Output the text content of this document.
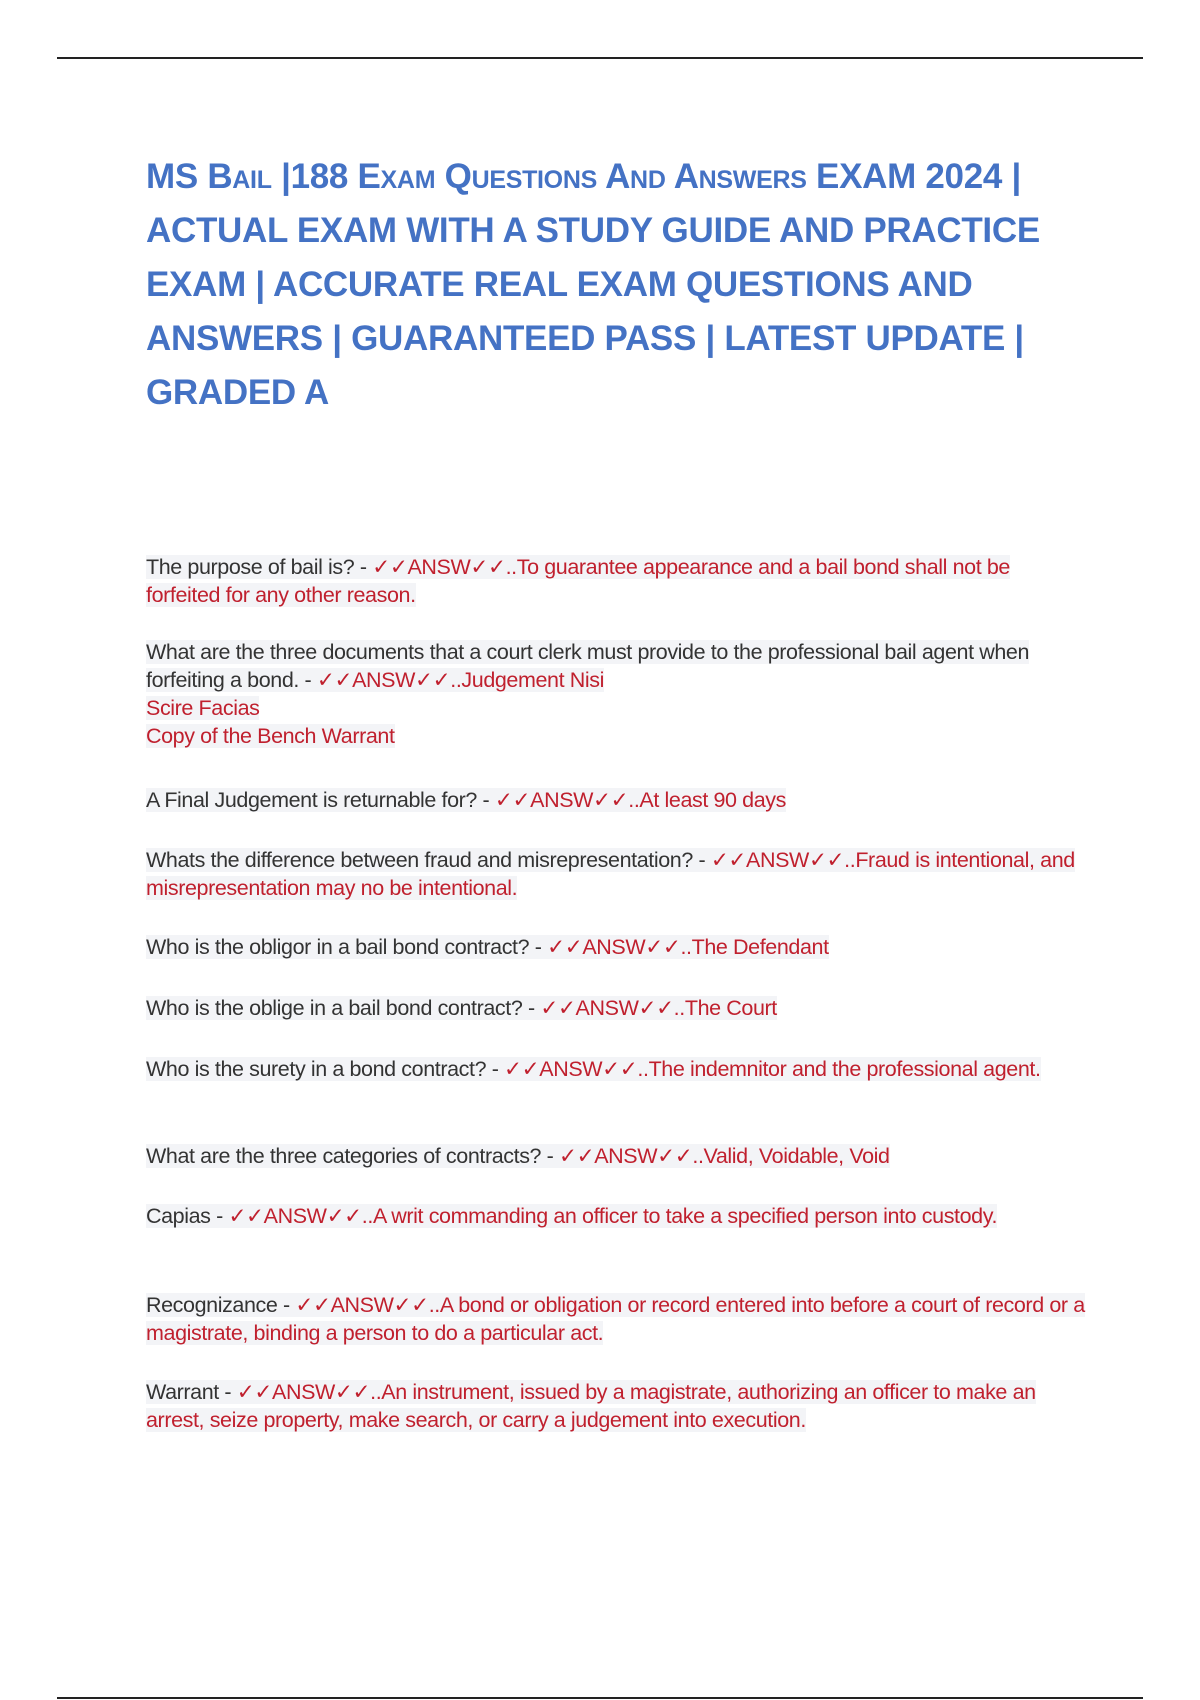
MS Bail |188 Exam Questions And Answers EXAM 2024 | ACTUAL EXAM WITH A STUDY GUIDE AND PRACTICE EXAM | ACCURATE REAL EXAM QUESTIONS AND ANSWERS | GUARANTEED PASS | LATEST UPDATE | GRADED A

The purpose of bail is? - ✓✓ANSW✓✓..To guarantee appearance and a bail bond shall not be forfeited for any other reason.

What are the three documents that a court clerk must provide to the professional bail agent when forfeiting a bond. - ✓✓ANSW✓✓..Judgement Nisi
Scire Facias
Copy of the Bench Warrant

A Final Judgement is returnable for? - ✓✓ANSW✓✓..At least 90 days

Whats the difference between fraud and misrepresentation? - ✓✓ANSW✓✓..Fraud is intentional, and misrepresentation may no be intentional.

Who is the obligor in a bail bond contract? - ✓✓ANSW✓✓..The Defendant

Who is the oblige in a bail bond contract? - ✓✓ANSW✓✓..The Court

Who is the surety in a bond contract? - ✓✓ANSW✓✓..The indemnitor and the professional agent.

What are the three categories of contracts? - ✓✓ANSW✓✓..Valid, Voidable, Void

Capias - ✓✓ANSW✓✓..A writ commanding an officer to take a specified person into custody.

Recognizance - ✓✓ANSW✓✓..A bond or obligation or record entered into before a court of record or a magistrate, binding a person to do a particular act.

Warrant - ✓✓ANSW✓✓..An instrument, issued by a magistrate, authorizing an officer to make an arrest, seize property, make search, or carry a judgement into execution.
